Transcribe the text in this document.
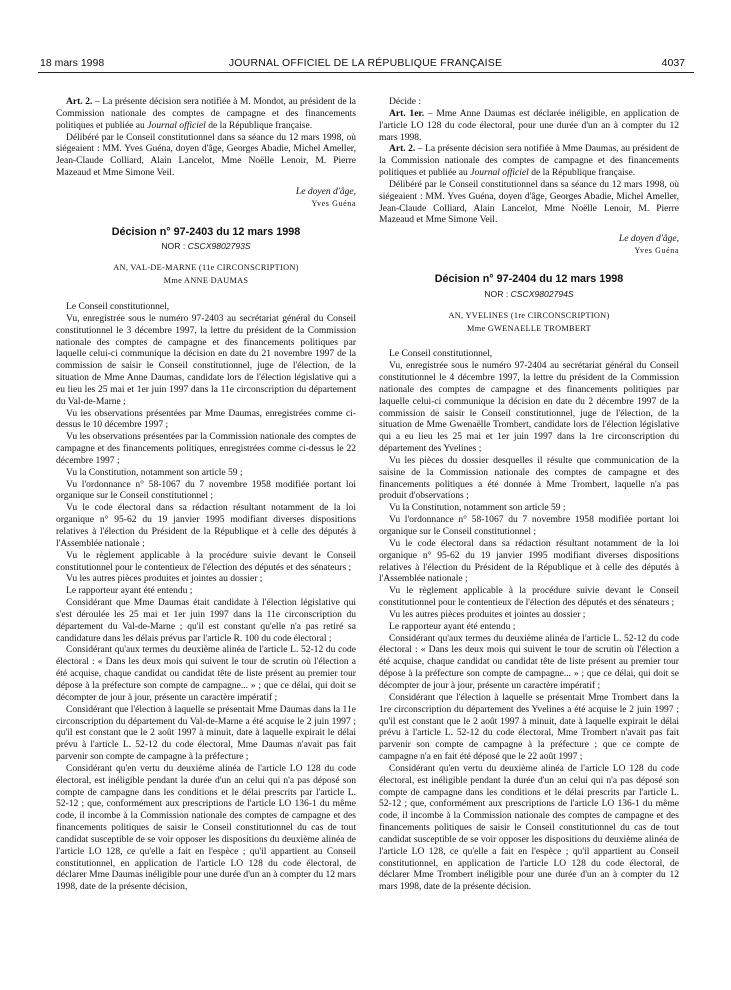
18 mars 1998	JOURNAL OFFICIEL DE LA RÉPUBLIQUE FRANÇAISE	4037

Art. 2. – La présente décision sera notifiée à M. Mondot, au président de la Commission nationale des comptes de campagne et des financements politiques et publiée au Journal officiel de la République française.

Délibéré par le Conseil constitutionnel dans sa séance du 12 mars 1998, où siégeaient : MM. Yves Guéna, doyen d'âge, Georges Abadie, Michel Ameller, Jean-Claude Colliard, Alain Lancelot, Mme Noëlle Lenoir, M. Pierre Mazeaud et Mme Simone Veil.

Le doyen d'âge,
Yves Guéna
Décision n° 97-2403 du 12 mars 1998
NOR : CSCX9802793S
AN, VAL-DE-MARNE (11e CIRCONSCRIPTION)
Mme ANNE DAUMAS

Le Conseil constitutionnel,

Vu, enregistrée sous le numéro 97-2403 au secrétariat général du Conseil constitutionnel le 3 décembre 1997, la lettre du président de la Commission nationale des comptes de campagne et des financements politiques par laquelle celui-ci communique la décision en date du 21 novembre 1997 de la commission de saisir le Conseil constitutionnel, juge de l'élection, de la situation de Mme Anne Daumas, candidate lors de l'élection législative qui a eu lieu les 25 mai et 1er juin 1997 dans la 11e circonscription du département du Val-de-Marne ;

Vu les observations présentées par Mme Daumas, enregistrées comme ci-dessus le 10 décembre 1997 ;

Vu les observations présentées par la Commission nationale des comptes de campagne et des financements politiques, enregistrées comme ci-dessus le 22 décembre 1997 ;

Vu la Constitution, notamment son article 59 ;

Vu l'ordonnance n° 58-1067 du 7 novembre 1958 modifiée portant loi organique sur le Conseil constitutionnel ;

Vu le code électoral dans sa rédaction résultant notamment de la loi organique n° 95-62 du 19 janvier 1995 modifiant diverses dispositions relatives à l'élection du Président de la République et à celle des députés à l'Assemblée nationale ;

Vu le règlement applicable à la procédure suivie devant le Conseil constitutionnel pour le contentieux de l'élection des députés et des sénateurs ;

Vu les autres pièces produites et jointes au dossier ;

Le rapporteur ayant été entendu ;

Considérant que Mme Daumas était candidate à l'élection législative qui s'est déroulée les 25 mai et 1er juin 1997 dans la 11e circonscription du département du Val-de-Marne ; qu'il est constant qu'elle n'a pas retiré sa candidature dans les délais prévus par l'article R. 100 du code électoral ;

Considérant qu'aux termes du deuxième alinéa de l'article L. 52-12 du code électoral : « Dans les deux mois qui suivent le tour de scrutin où l'élection a été acquise, chaque candidat ou candidat tête de liste présent au premier tour dépose à la préfecture son compte de campagne... » ; que ce délai, qui doit se décompter de jour à jour, présente un caractère impératif ;

Considérant que l'élection à laquelle se présentait Mme Daumas dans la 11e circonscription du département du Val-de-Marne a été acquise le 2 juin 1997 ; qu'il est constant que le 2 août 1997 à minuit, date à laquelle expirait le délai prévu à l'article L. 52-12 du code électoral, Mme Daumas n'avait pas fait parvenir son compte de campagne à la préfecture ;

Considérant qu'en vertu du deuxième alinéa de l'article LO 128 du code électoral, est inéligible pendant la durée d'un an celui qui n'a pas déposé son compte de campagne dans les conditions et le délai prescrits par l'article L. 52-12 ; que, conformément aux prescriptions de l'article LO 136-1 du même code, il incombe à la Commission nationale des comptes de campagne et des financements politiques de saisir le Conseil constitutionnel du cas de tout candidat susceptible de se voir opposer les dispositions du deuxième alinéa de l'article LO 128, ce qu'elle a fait en l'espèce ; qu'il appartient au Conseil constitutionnel, en application de l'article LO 128 du code électoral, de déclarer Mme Daumas inéligible pour une durée d'un an à compter du 12 mars 1998, date de la présente décision,

Décide :

Art. 1er. – Mme Anne Daumas est déclarée inéligible, en application de l'article LO 128 du code électoral, pour une durée d'un an à compter du 12 mars 1998.

Art. 2. – La présente décision sera notifiée à Mme Daumas, au président de la Commission nationale des comptes de campagne et des financements politiques et publiée au Journal officiel de la République française.

Délibéré par le Conseil constitutionnel dans sa séance du 12 mars 1998, où siégeaient : MM. Yves Guéna, doyen d'âge, Georges Abadie, Michel Ameller, Jean-Claude Colliard, Alain Lancelot, Mme Noëlle Lenoir, M. Pierre Mazeaud et Mme Simone Veil.

Le doyen d'âge,
Yves Guéna
Décision n° 97-2404 du 12 mars 1998
NOR : CSCX9802794S
AN, YVELINES (1re CIRCONSCRIPTION)
Mme GWENAELLE TROMBERT

Le Conseil constitutionnel,

Vu, enregistrée sous le numéro 97-2404 au secrétariat général du Conseil constitutionnel le 4 décembre 1997, la lettre du président de la Commission nationale des comptes de campagne et des financements politiques par laquelle celui-ci communique la décision en date du 2 décembre 1997 de la commission de saisir le Conseil constitutionnel, juge de l'élection, de la situation de Mme Gwenaëlle Trombert, candidate lors de l'élection législative qui a eu lieu les 25 mai et 1er juin 1997 dans la 1re circonscription du département des Yvelines ;

Vu les pièces du dossier desquelles il résulte que communication de la saisine de la Commission nationale des comptes de campagne et des financements politiques a été donnée à Mme Trombert, laquelle n'a pas produit d'observations ;

Vu la Constitution, notamment son article 59 ;

Vu l'ordonnance n° 58-1067 du 7 novembre 1958 modifiée portant loi organique sur le Conseil constitutionnel ;

Vu le code électoral dans sa rédaction résultant notamment de la loi organique n° 95-62 du 19 janvier 1995 modifiant diverses dispositions relatives à l'élection du Président de la République et à celle des députés à l'Assemblée nationale ;

Vu le règlement applicable à la procédure suivie devant le Conseil constitutionnel pour le contentieux de l'élection des députés et des sénateurs ;

Vu les autres pièces produites et jointes au dossier ;

Le rapporteur ayant été entendu ;

Considérant qu'aux termes du deuxième alinéa de l'article L. 52-12 du code électoral : « Dans les deux mois qui suivent le tour de scrutin où l'élection a été acquise, chaque candidat ou candidat tête de liste présent au premier tour dépose à la préfecture son compte de campagne... » ; que ce délai, qui doit se décompter de jour à jour, présente un caractère impératif ;

Considérant que l'élection à laquelle se présentait Mme Trombert dans la 1re circonscription du département des Yvelines a été acquise le 2 juin 1997 ; qu'il est constant que le 2 août 1997 à minuit, date à laquelle expirait le délai prévu à l'article L. 52-12 du code électoral, Mme Trombert n'avait pas fait parvenir son compte de campagne à la préfecture ; que ce compte de campagne n'a en fait été déposé que le 22 août 1997 ;

Considérant qu'en vertu du deuxième alinéa de l'article LO 128 du code électoral, est inéligible pendant la durée d'un an celui qui n'a pas déposé son compte de campagne dans les conditions et le délai prescrits par l'article L. 52-12 ; que, conformément aux prescriptions de l'article LO 136-1 du même code, il incombe à la Commission nationale des comptes de campagne et des financements politiques de saisir le Conseil constitutionnel du cas de tout candidat susceptible de se voir opposer les dispositions du deuxième alinéa de l'article LO 128, ce qu'elle a fait en l'espèce ; qu'il appartient au Conseil constitutionnel, en application de l'article LO 128 du code électoral, de déclarer Mme Trombert inéligible pour une durée d'un an à compter du 12 mars 1998, date de la présente décision.
